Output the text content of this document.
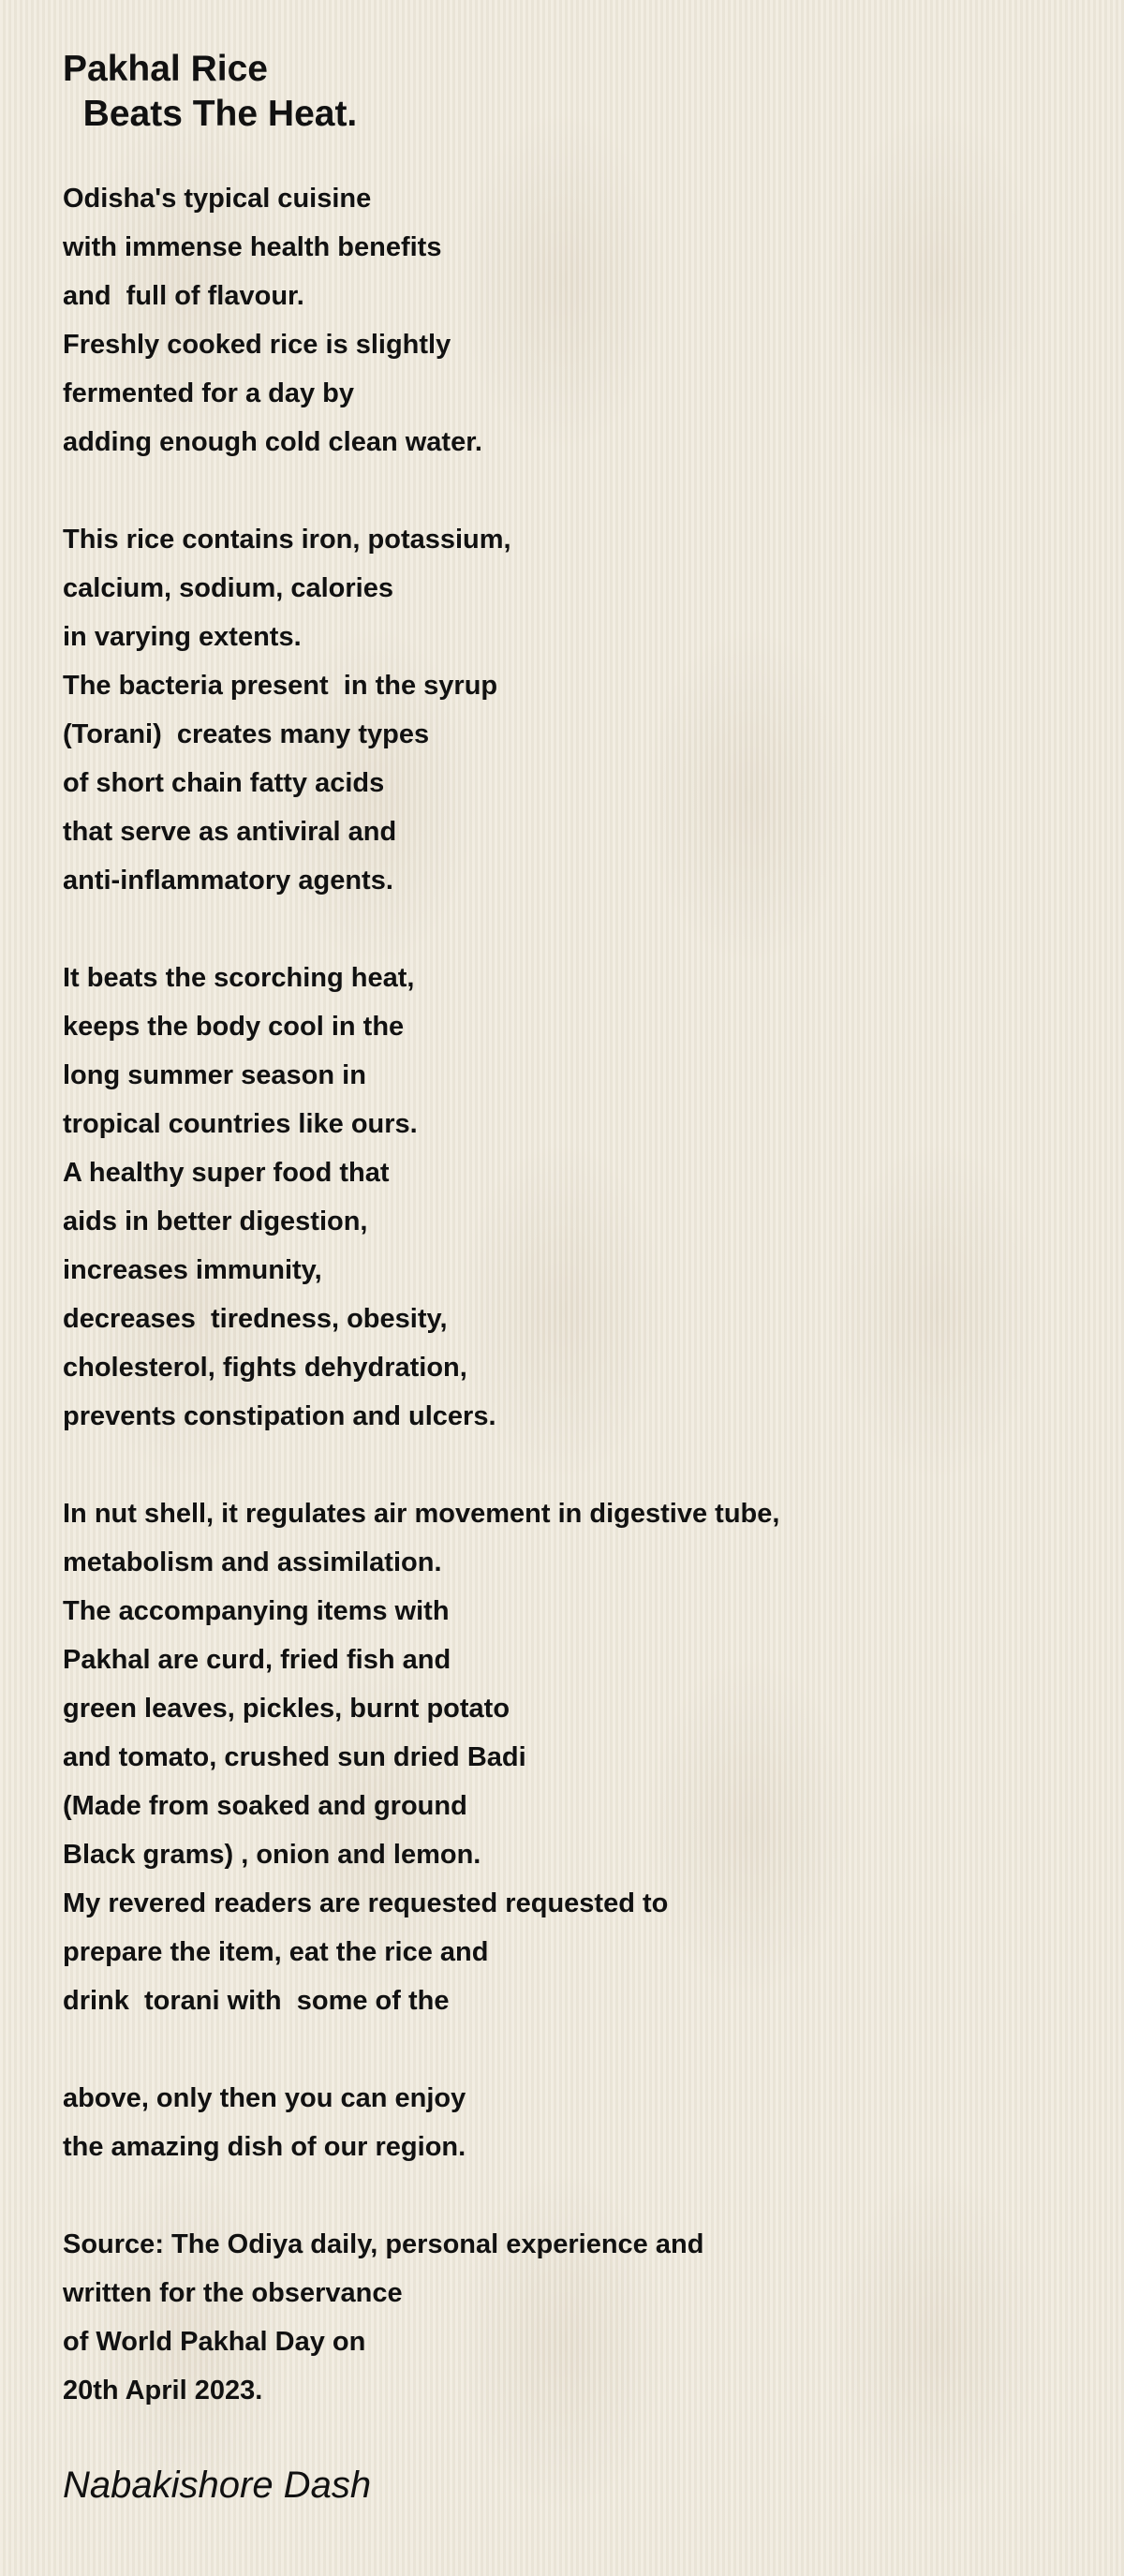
Pakhal Rice
Beats The Heat.
Odisha's typical cuisine
with immense health benefits
and  full of flavour.
Freshly cooked rice is slightly
fermented for a day by
adding enough cold clean water.
This rice contains iron, potassium,
calcium, sodium, calories
in varying extents.
The bacteria present  in the syrup
(Torani)  creates many types
of short chain fatty acids
that serve as antiviral and
anti-inflammatory agents.
It beats the scorching heat,
keeps the body cool in the
long summer season in
tropical countries like ours.
A healthy super food that
aids in better digestion,
increases immunity,
decreases  tiredness, obesity,
cholesterol, fights dehydration,
prevents constipation and ulcers.
In nut shell, it regulates air movement in digestive tube,
metabolism and assimilation.
The accompanying items with
Pakhal are curd, fried fish and
green leaves, pickles, burnt potato
and tomato, crushed sun dried Badi
(Made from soaked and ground
Black grams) , onion and lemon.
My revered readers are requested requested to
prepare the item, eat the rice and
drink  torani with  some of the
above, only then you can enjoy
the amazing dish of our region.
Source: The Odiya daily, personal experience and
written for the observance
of World Pakhal Day on
20th April 2023.
Nabakishore Dash
